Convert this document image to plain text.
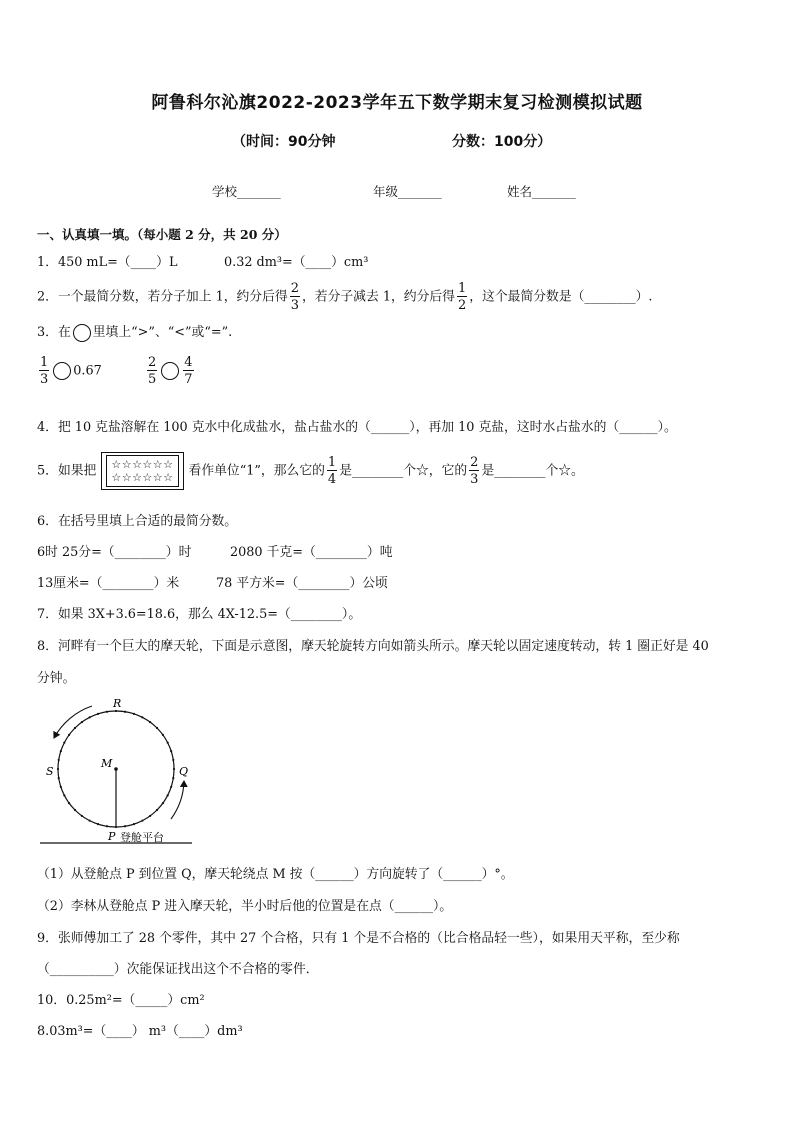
阿鲁科尔沁旗2022-2023学年五下数学期末复习检测模拟试题
（时间：90分钟	分数：100分）
学校_______	年级_______	姓名_______
一、认真填一填。（每小题 2 分，共 20 分）
1．450 mL=（____）L	0.32 dm³=（____）cm³
2．一个最简分数，若分子加上 1，约分后得 $\frac{2}{3}$ ，若分子减去 1，约分后得 $\frac{1}{2}$ ，这个最简分数是（________）.
3．在 里填上“>”、“<”或“=”.
$\frac{1}{3} 0.67$	$\frac{2}{5} \frac{4}{7}$
4．把 10 克盐溶解在 100 克水中化成盐水，盐占盐水的（______），再加 10 克盐，这时水占盐水的（______）。
5．如果把 ☆☆☆☆☆☆
☆☆☆☆☆☆ 看作单位“1”，那么它的 $\frac{1}{4}$ 是________个☆，它的 $\frac{2}{3}$ 是________个☆。
6．在括号里填上合适的最简分数。
6时 25分=（________）时	2080 千克=（________）吨
13厘米=（________）米	78 平方米=（________）公顷
7．如果 3X+3.6=18.6，那么 4X-12.5=（________）。
8．河畔有一个巨大的摩天轮，下面是示意图，摩天轮旋转方向如箭头所示。摩天轮以固定速度转动，转 1 圈正好是 40
分钟。
R
M
S	Q
P 登舱平台
（1）从登舱点 P 到位置 Q，摩天轮绕点 M 按（______）方向旋转了（______）°。
（2）李林从登舱点 P 进入摩天轮，半小时后他的位置是在点（______）。
9．张师傅加工了 28 个零件，其中 27 个合格，只有 1 个是不合格的（比合格品轻一些），如果用天平称，至少称
（__________）次能保证找出这个不合格的零件．
10．0.25m²=（_____）cm²
8.03m³=（____） m³（____）dm³
